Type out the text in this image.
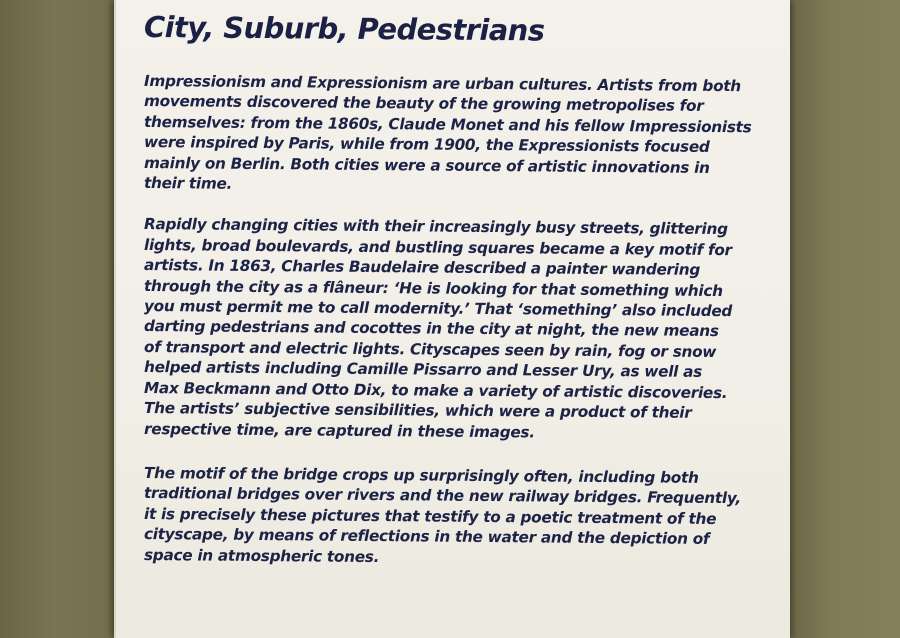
City, Suburb, Pedestrians

Impressionism and Expressionism are urban cultures. Artists from both
movements discovered the beauty of the growing metropolises for
themselves: from the 1860s, Claude Monet and his fellow Impressionists
were inspired by Paris, while from 1900, the Expressionists focused
mainly on Berlin. Both cities were a source of artistic innovations in
their time.

Rapidly changing cities with their increasingly busy streets, glittering
lights, broad boulevards, and bustling squares became a key motif for
artists. In 1863, Charles Baudelaire described a painter wandering
through the city as a flâneur: ‘He is looking for that something which
you must permit me to call modernity.’ That ‘something’ also included
darting pedestrians and cocottes in the city at night, the new means
of transport and electric lights. Cityscapes seen by rain, fog or snow
helped artists including Camille Pissarro and Lesser Ury, as well as
Max Beckmann and Otto Dix, to make a variety of artistic discoveries.
The artists’ subjective sensibilities, which were a product of their
respective time, are captured in these images.

The motif of the bridge crops up surprisingly often, including both
traditional bridges over rivers and the new railway bridges. Frequently,
it is precisely these pictures that testify to a poetic treatment of the
cityscape, by means of reflections in the water and the depiction of
space in atmospheric tones.
